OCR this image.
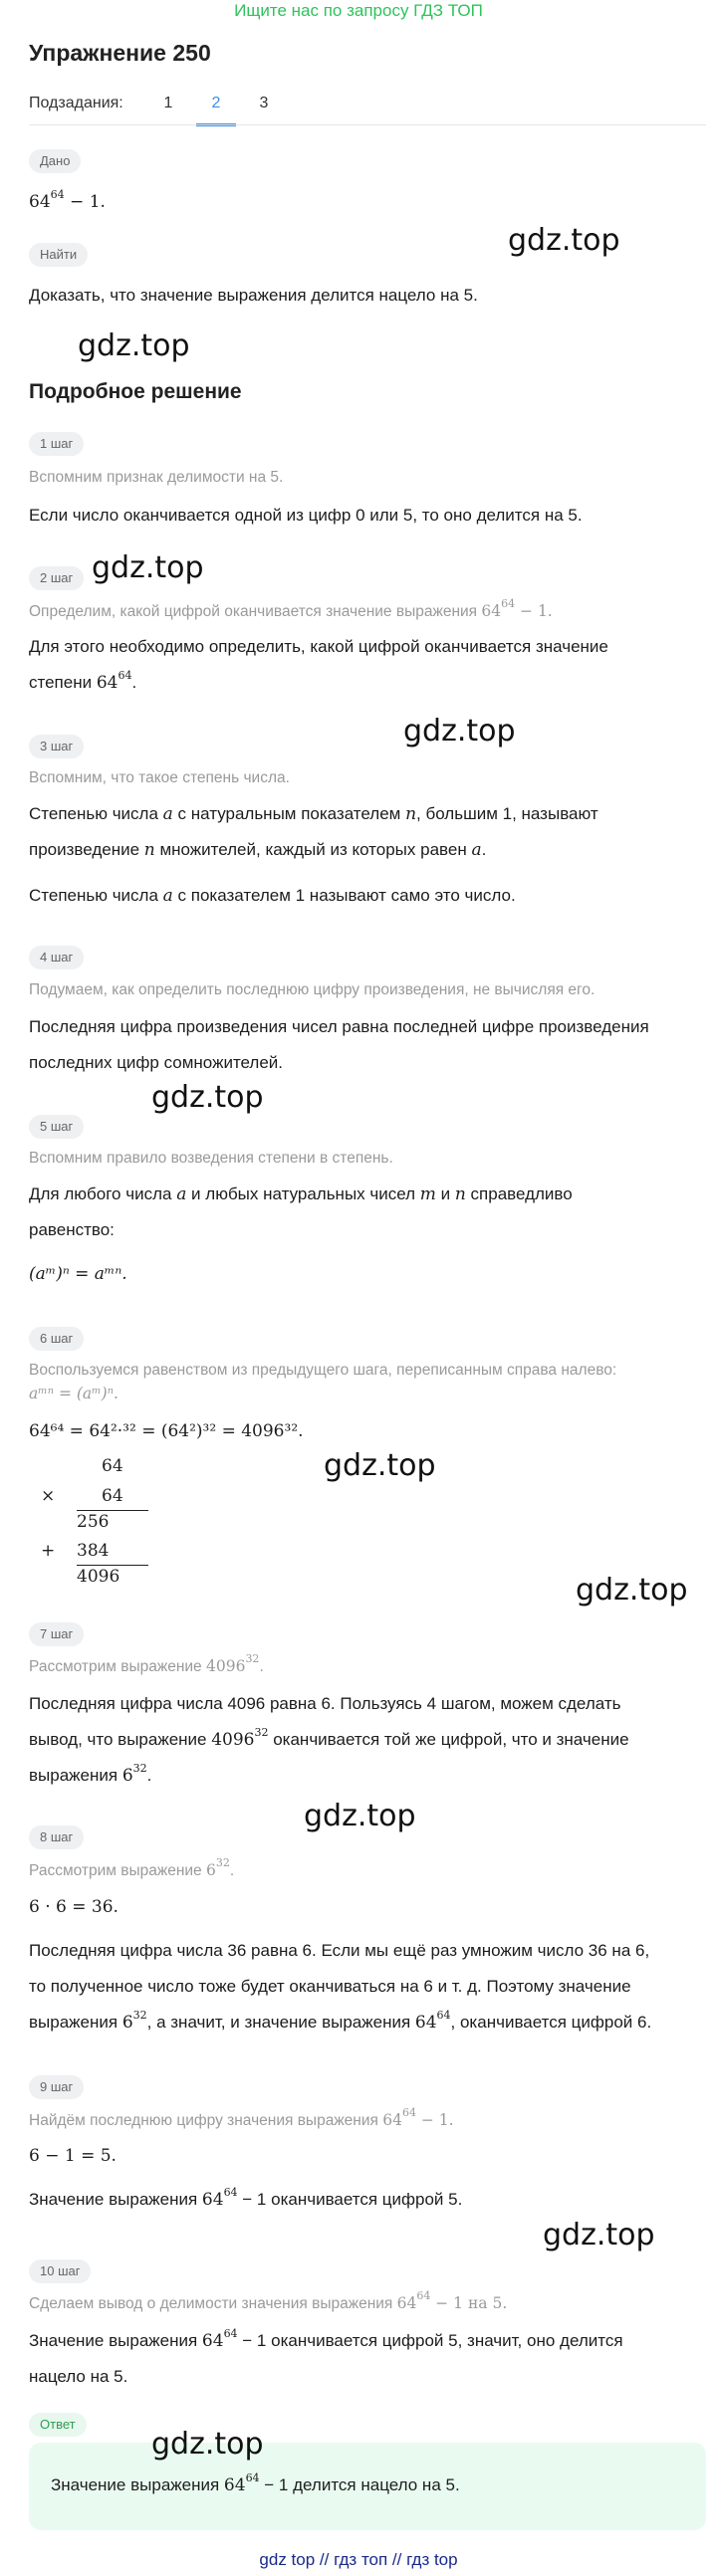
Ищите нас по запросу ГДЗ ТОП
Упражнение 250
Подзадания:	1	2	3
Дано
$64^{64} - 1$.
Найти
Доказать, что значение выражения делится нацело на 5.
Подробное решение
1 шаг
Вспомним признак делимости на 5.
Если число оканчивается одной из цифр 0 или 5, то оно делится на 5.
2 шаг
Определим, какой цифрой оканчивается значение выражения $64^{64} - 1$.
Для этого необходимо определить, какой цифрой оканчивается значение
степени $64^{64}$.
3 шаг
Вспомним, что такое степень числа.
Степенью числа a с натуральным показателем n, большим 1, называют
произведение n множителей, каждый из которых равен a.
Степенью числа a с показателем 1 называют само это число.
4 шаг
Подумаем, как определить последнюю цифру произведения, не вычисляя его.
Последняя цифра произведения чисел равна последней цифре произведения
последних цифр сомножителей.
5 шаг
Вспомним правило возведения степени в степень.
Для любого числа a и любых натуральных чисел m и n справедливо
равенство:
(aᵐ)ⁿ = aᵐⁿ.
6 шаг
Воспользуемся равенством из предыдущего шага, переписанным справа налево:
aᵐⁿ = (aᵐ)ⁿ.
64⁶⁴ = 64²·³² = (64²)³² = 4096³².
64
×	64
256
+ 384
4096
7 шаг
Рассмотрим выражение 4096$^{32}$.
Последняя цифра числа 4096 равна 6. Пользуясь 4 шагом, можем сделать
вывод, что выражение 4096$^{32}$ оканчивается той же цифрой, что и значение
выражения $6^{32}$.
8 шаг
Рассмотрим выражение $6^{32}$.
6 · 6 = 36.
Последняя цифра числа 36 равна 6. Если мы ещё раз умножим число 36 на 6,
то полученное число тоже будет оканчиваться на 6 и т. д. Поэтому значение
выражения $6^{32}$, а значит, и значение выражения $64^{64}$, оканчивается цифрой 6.
9 шаг
Найдём последнюю цифру значения выражения $64^{64} - 1$.
6 − 1 = 5.
Значение выражения $64^{64} - 1$ оканчивается цифрой 5.
10 шаг
Сделаем вывод о делимости значения выражения $64^{64} - 1$ на 5.
Значение выражения $64^{64} - 1$ оканчивается цифрой 5, значит, оно делится
нацело на 5.
Ответ
Значение выражения $64^{64} - 1$ делится нацело на 5.
gdz.top
gdz.top
gdz.top
gdz.top
gdz.top
gdz.top
gdz.top
gdz.top
gdz.top
gdz.top
gdz top // гдз топ // гдз top
